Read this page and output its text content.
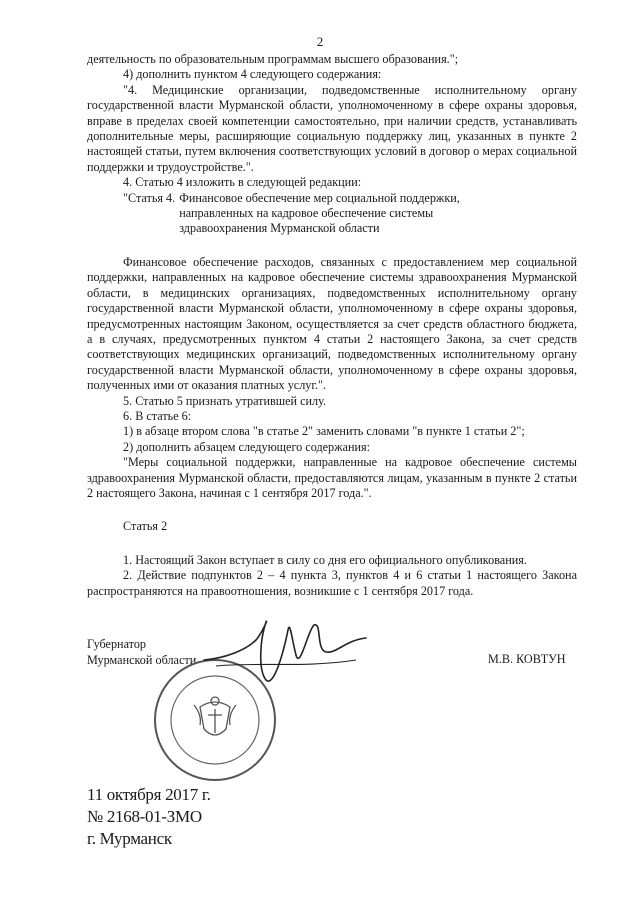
2

деятельность по образовательным программам высшего образования.";

4) дополнить пунктом 4 следующего содержания:

"4. Медицинские организации, подведомственные исполнительному органу государственной власти Мурманской области, уполномоченному в сфере охраны здоровья, вправе в пределах своей компетенции самостоятельно, при наличии средств, устанавливать дополнительные меры, расширяющие социальную поддержку лиц, указанных в пункте 2 настоящей статьи, путем включения соответствующих условий в договор о мерах социальной поддержки и трудоустройстве.".

4. Статью 4 изложить в следующей редакции:

"Статья 4. Финансовое обеспечение мер социальной поддержки,
направленных на кадровое обеспечение системы
здравоохранения Мурманской области

Финансовое обеспечение расходов, связанных с предоставлением мер социальной поддержки, направленных на кадровое обеспечение системы здравоохранения Мурманской области, в медицинских организациях, подведомственных исполнительному органу государственной власти Мурманской области, уполномоченному в сфере охраны здоровья, предусмотренных настоящим Законом, осуществляется за счет средств областного бюджета, а в случаях, предусмотренных пунктом 4 статьи 2 настоящего Закона, за счет средств соответствующих медицинских организаций, подведомственных исполнительному органу государственной власти Мурманской области, уполномоченному в сфере охраны здоровья, полученных ими от оказания платных услуг.".

5. Статью 5 признать утратившей силу.

6. В статье 6:

1) в абзаце втором слова "в статье 2" заменить словами "в пункте 1 статьи 2";

2) дополнить абзацем следующего содержания:

"Меры социальной поддержки, направленные на кадровое обеспечение системы здравоохранения Мурманской области, предоставляются лицам, указанным в пункте 2 статьи 2 настоящего Закона, начиная с 1 сентября 2017 года.".

Статья 2

1. Настоящий Закон вступает в силу со дня его официального опубликования.

2. Действие подпунктов 2 – 4 пункта 3, пунктов 4 и 6 статьи 1 настоящего Закона распространяются на правоотношения, возникшие с 1 сентября 2017 года.

Губернатор
Мурманской области	М.В. КОВТУН
11 октября 2017 г.
№ 2168-01-ЗМО
г. Мурманск
